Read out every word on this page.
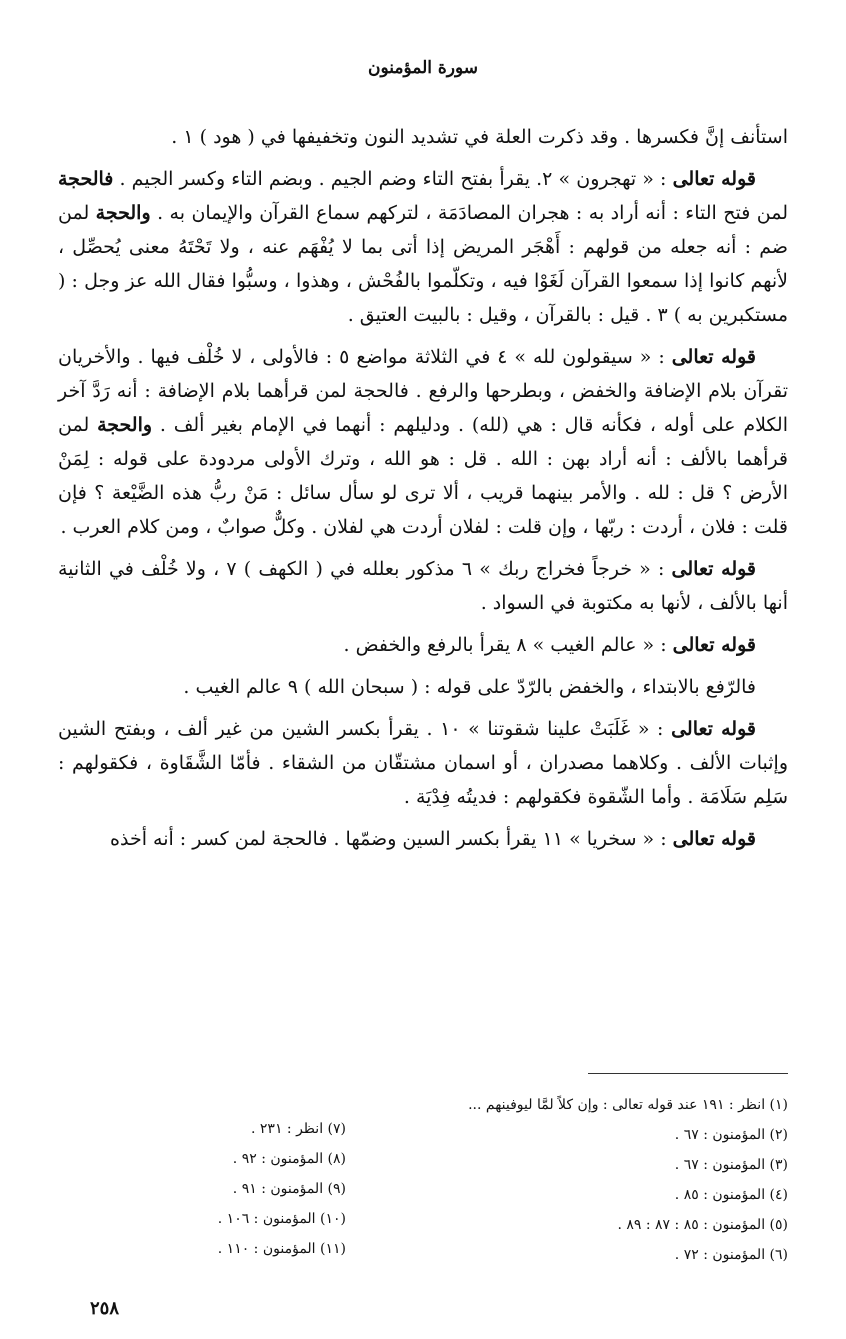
سورة المؤمنون

استأنف إنَّ فكسرها . وقد ذكرت العلة في تشديد النون وتخفيفها في ( هود ) ١ .

قوله تعالى : « تهجرون » ٢. يقرأ بفتح التاء وضم الجيم . وبضم التاء وكسر الجيم . فالحجة لمن فتح التاء : أنه أراد به : هجران المصادَمَة ، لتركهم سماع القرآن والإيمان به . والحجة لمن ضم : أنه جعله من قولهم : أَهْجَر المريض إذا أتى بما لا يُفْهَم عنه ، ولا تَحْتَهُ معنى يُحصِّل ، لأنهم كانوا إذا سمعوا القرآن لَغَوْا فيه ، وتكلّموا بالفُحْش ، وهذوا ، وسبُّوا فقال الله عز وجل : ( مستكبرين به ) ٣ . قيل : بالقرآن ، وقيل : بالبيت العتيق .

قوله تعالى : « سيقولون لله » ٤ في الثلاثة مواضع ٥ : فالأولى ، لا خُلْف فيها . والأخريان تقرآن بلام الإضافة والخفض ، وبطرحها والرفع . فالحجة لمن قرأهما بلام الإضافة : أنه رَدَّ آخر الكلام على أوله ، فكأنه قال : هي (لله) . ودليلهم : أنهما في الإمام بغير ألف . والحجة لمن قرأهما بالألف : أنه أراد بهن : الله . قل : هو الله ، وترك الأولى مردودة على قوله : لِمَنْ الأرض ؟ قل : لله . والأمر بينهما قريب ، ألا ترى لو سأل سائل : مَنْ ربُّ هذه الضَّيْعة ؟ فإن قلت : فلان ، أردت : ربّها ، وإن قلت : لفلان أردت هي لفلان . وكلٌّ صوابٌ ، ومن كلام العرب .

قوله تعالى : « خرجاً فخراج ربك » ٦ مذكور بعلله في ( الكهف ) ٧ ، ولا خُلْف في الثانية أنها بالألف ، لأنها به مكتوبة في السواد .

قوله تعالى : « عالم الغيب » ٨ يقرأ بالرفع والخفض .

فالرّفع بالابتداء ، والخفض بالرّدّ على قوله : ( سبحان الله ) ٩ عالم الغيب .

قوله تعالى : « غَلَبَتْ علينا شقوتنا » ١٠ . يقرأ بكسر الشين من غير ألف ، وبفتح الشين وإثبات الألف . وكلاهما مصدران ، أو اسمان مشتقّان من الشقاء . فأمّا الشَّقَاوة ، فكقولهم : سَلِم سَلَامَة . وأما الشّقوة فكقولهم : فديتُه فِدْيَة .

قوله تعالى : « سخريا » ١١ يقرأ بكسر السين وضمّها . فالحجة لمن كسر : أنه أخذه

(١) انظر : ١٩١ عند قوله تعالى : وإن كلاً لمَّا ليوفينهم ...
(٢) المؤمنون : ٦٧ .
(٣) المؤمنون : ٦٧ .
(٤) المؤمنون : ٨٥ .
(٥) المؤمنون : ٨٥ : ٨٧ : ٨٩ .
(٦) المؤمنون : ٧٢ .
(٧) انظر : ٢٣١ .
(٨) المؤمنون : ٩٢ .
(٩) المؤمنون : ٩١ .
(١٠) المؤمنون : ١٠٦ .
(١١) المؤمنون : ١١٠ .
٢٥٨
